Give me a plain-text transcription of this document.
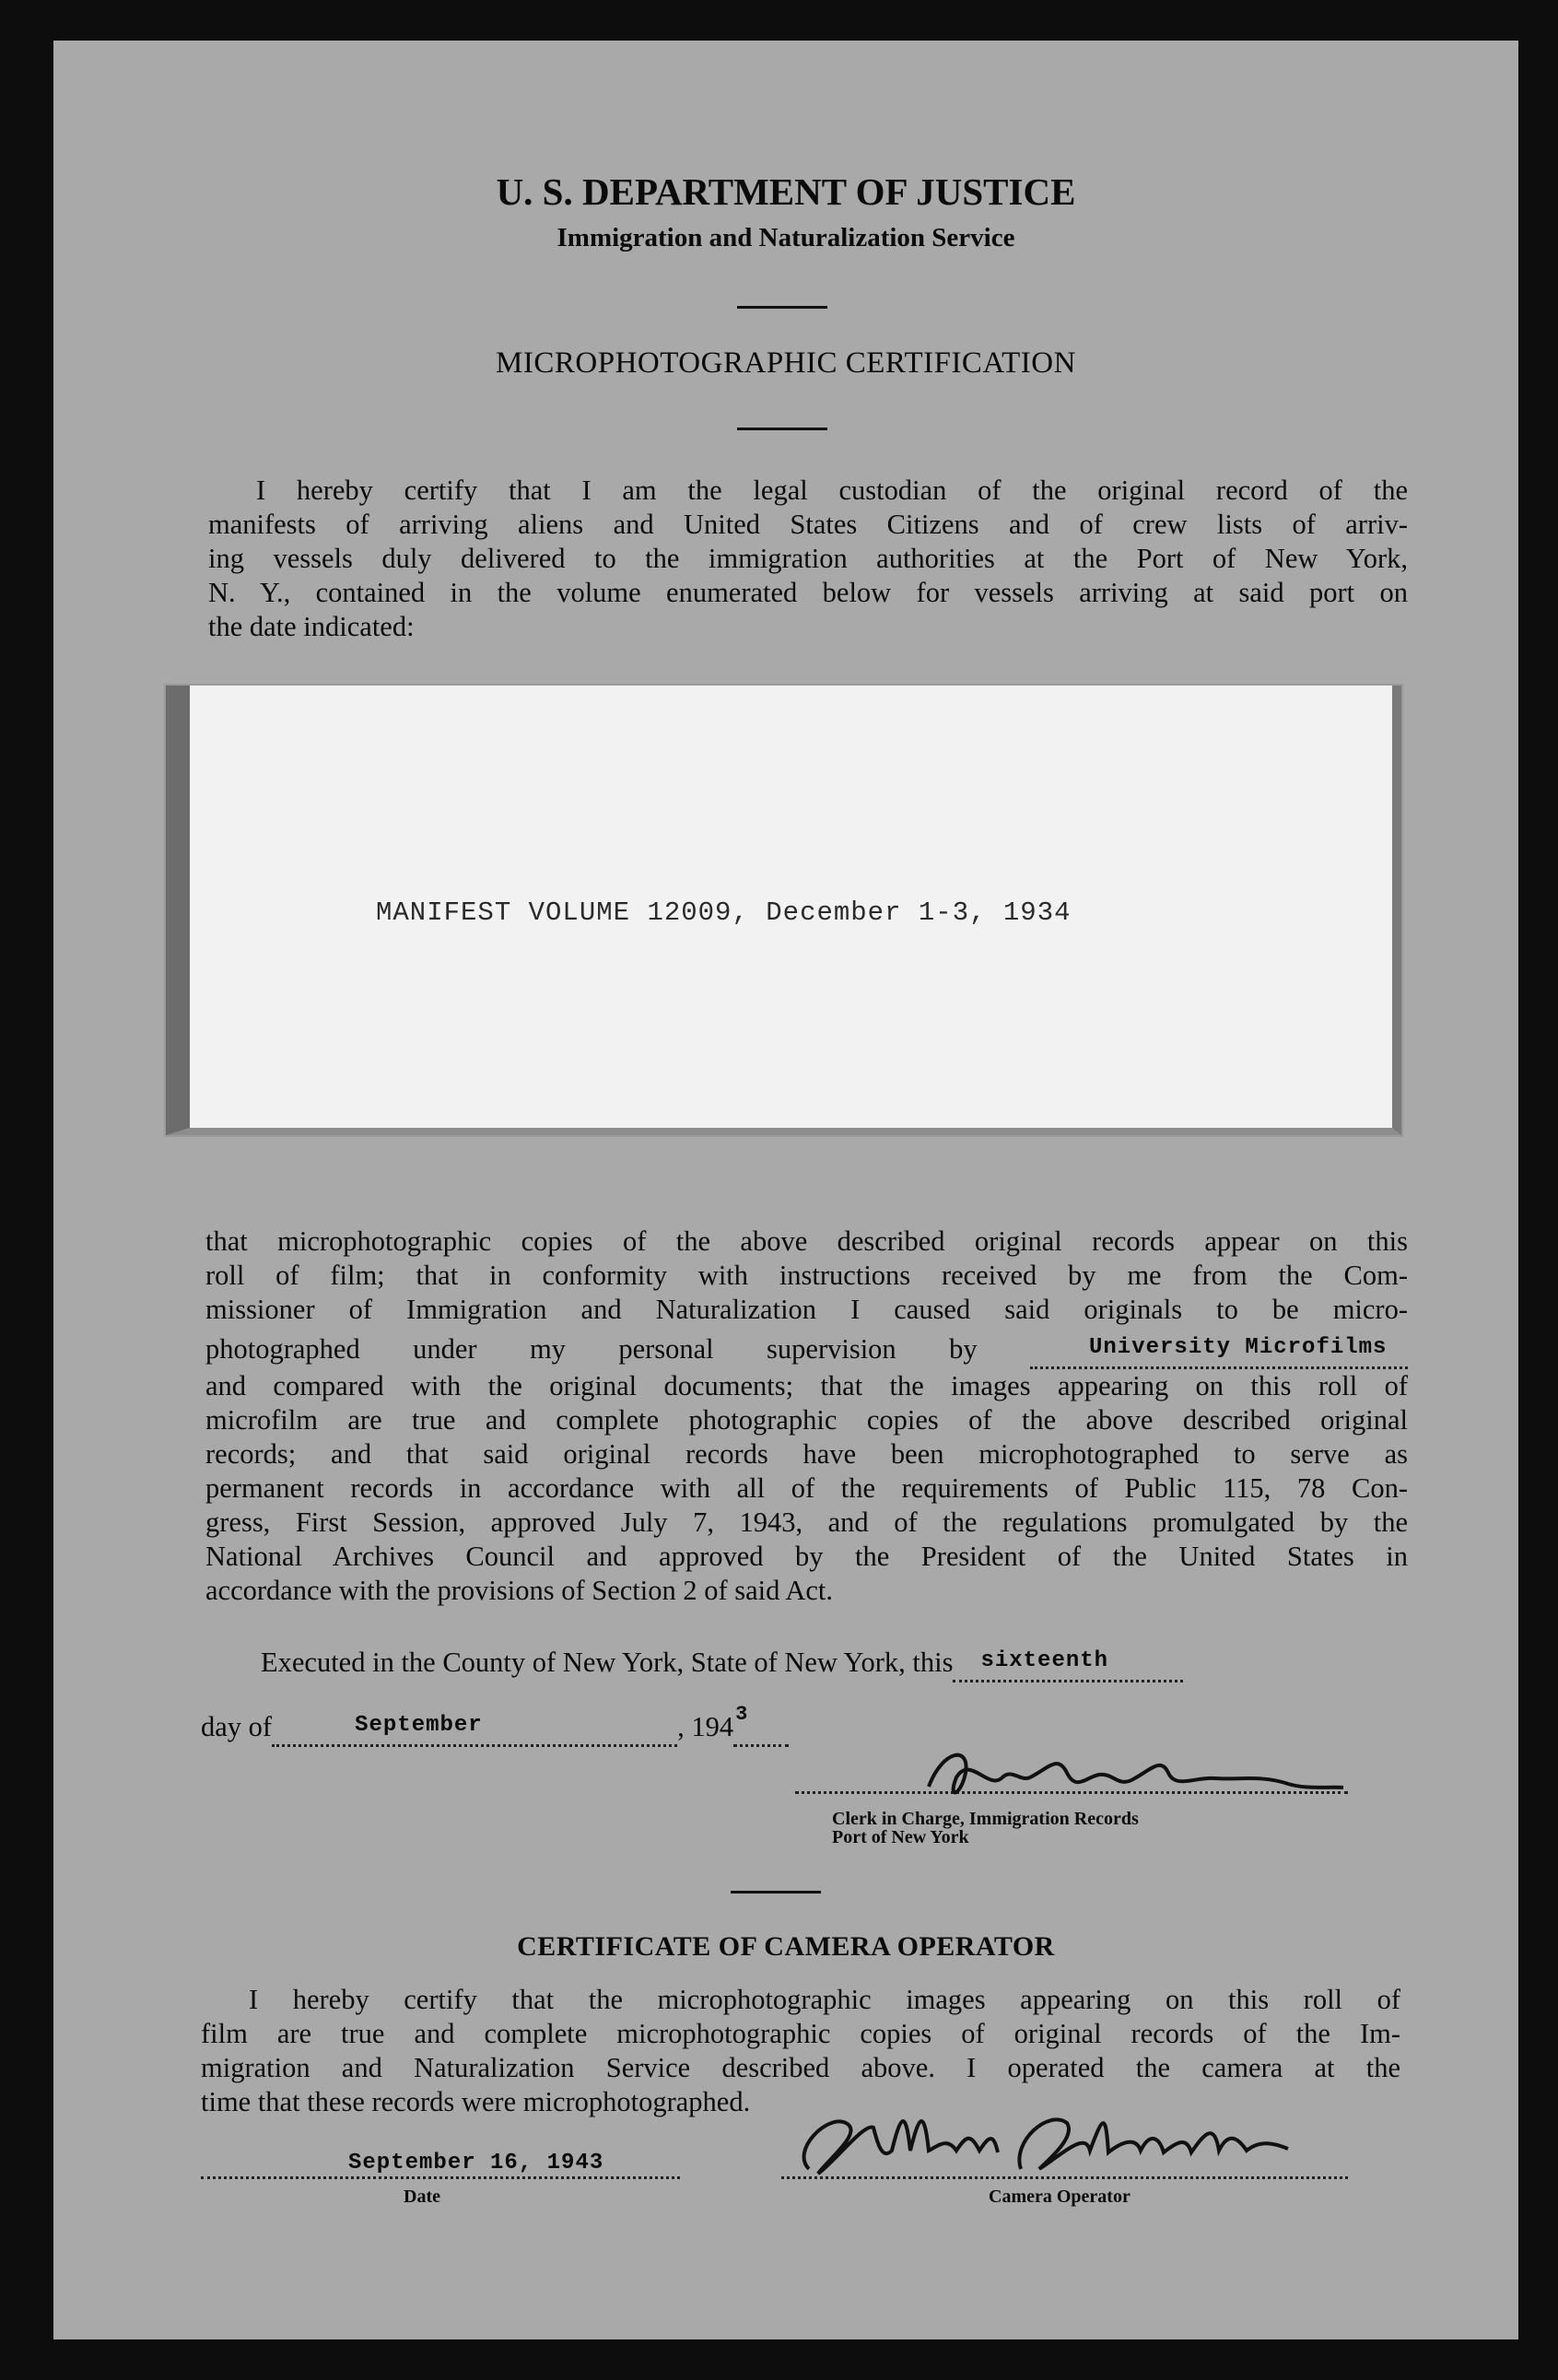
U. S. DEPARTMENT OF JUSTICE
Immigration and Naturalization Service
MICROPHOTOGRAPHIC CERTIFICATION
I hereby certify that I am the legal custodian of the original record of the
manifests of arriving aliens and United States Citizens and of crew lists of arriv-
ing vessels duly delivered to the immigration authorities at the Port of New York,
N. Y., contained in the volume enumerated below for vessels arriving at said port on
the date indicated:
MANIFEST VOLUME 12009, December 1-3, 1934
that microphotographic copies of the above described original records appear on this
roll of film; that in conformity with instructions received by me from the Com-
missioner of Immigration and Naturalization I caused said originals to be micro-
photographed under my personal supervision by	University Microfilms

and compared with the original documents; that the images appearing on this roll of
microfilm are true and complete photographic copies of the above described original
records; and that said original records have been microphotographed to serve as
permanent records in accordance with all of the requirements of Public 115, 78 Con-
gress, First Session, approved July 7, 1943, and of the regulations promulgated by the
National Archives Council and approved by the President of the United States in
accordance with the provisions of Section 2 of said Act.
Executed in the County of New York, State of New York, this sixteenth

day of	September	, 194 3

Clerk in Charge, Immigration Records
Port of New York
CERTIFICATE OF CAMERA OPERATOR
I hereby certify that the microphotographic images appearing on this roll of
film are true and complete microphotographic copies of original records of the Im-
migration and Naturalization Service described above. I operated the camera at the
time that these records were microphotographed.
September 16, 1943
Date	Camera Operator
